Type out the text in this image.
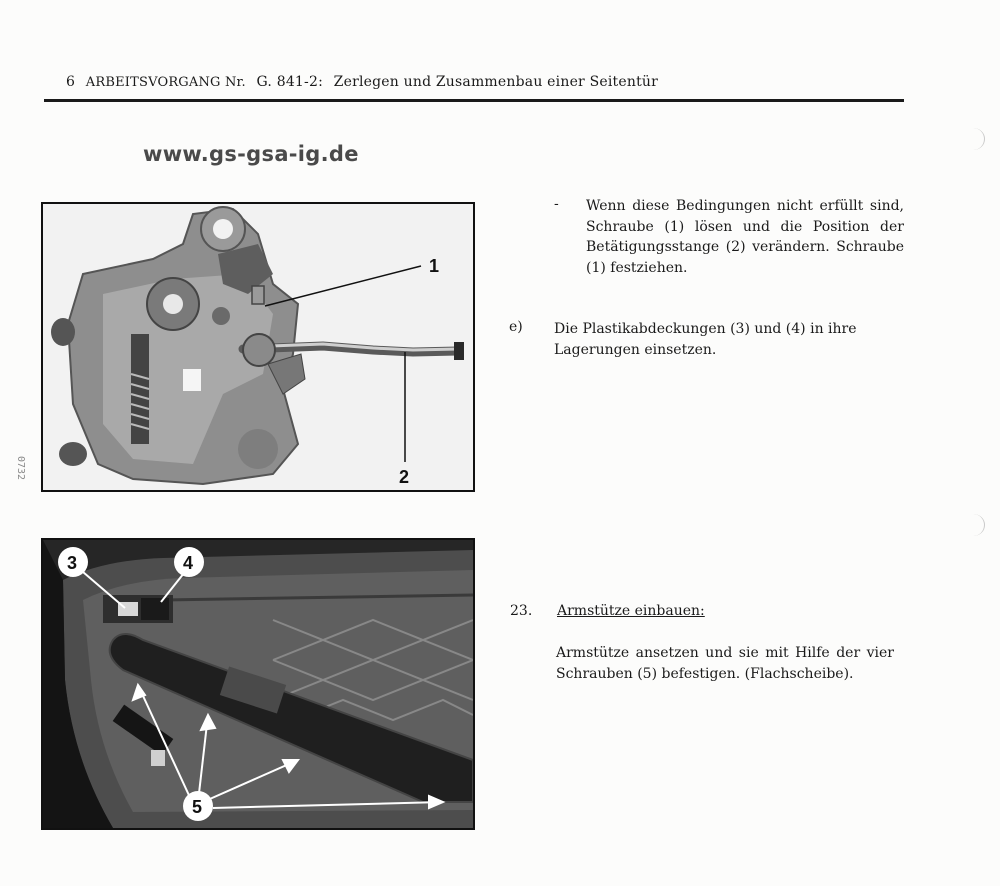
6 ARBEITSVORGANG Nr. G. 841-2: Zerlegen und Zusammenbau einer Seitentür
www.gs-gsa-ig.de
0732
1
2
3	4
5
- Wenn diese Bedingungen nicht erfüllt sind, Schraube (1) lösen und die Position der Betätigungsstange (2) verändern. Schraube (1) festziehen.
e) Die Plastikabdeckungen (3) und (4) in ihre Lagerungen einsetzen.
23. Armstütze einbauen:
Armstütze ansetzen und sie mit Hilfe der vier Schrauben (5) befestigen. (Flachscheibe).
